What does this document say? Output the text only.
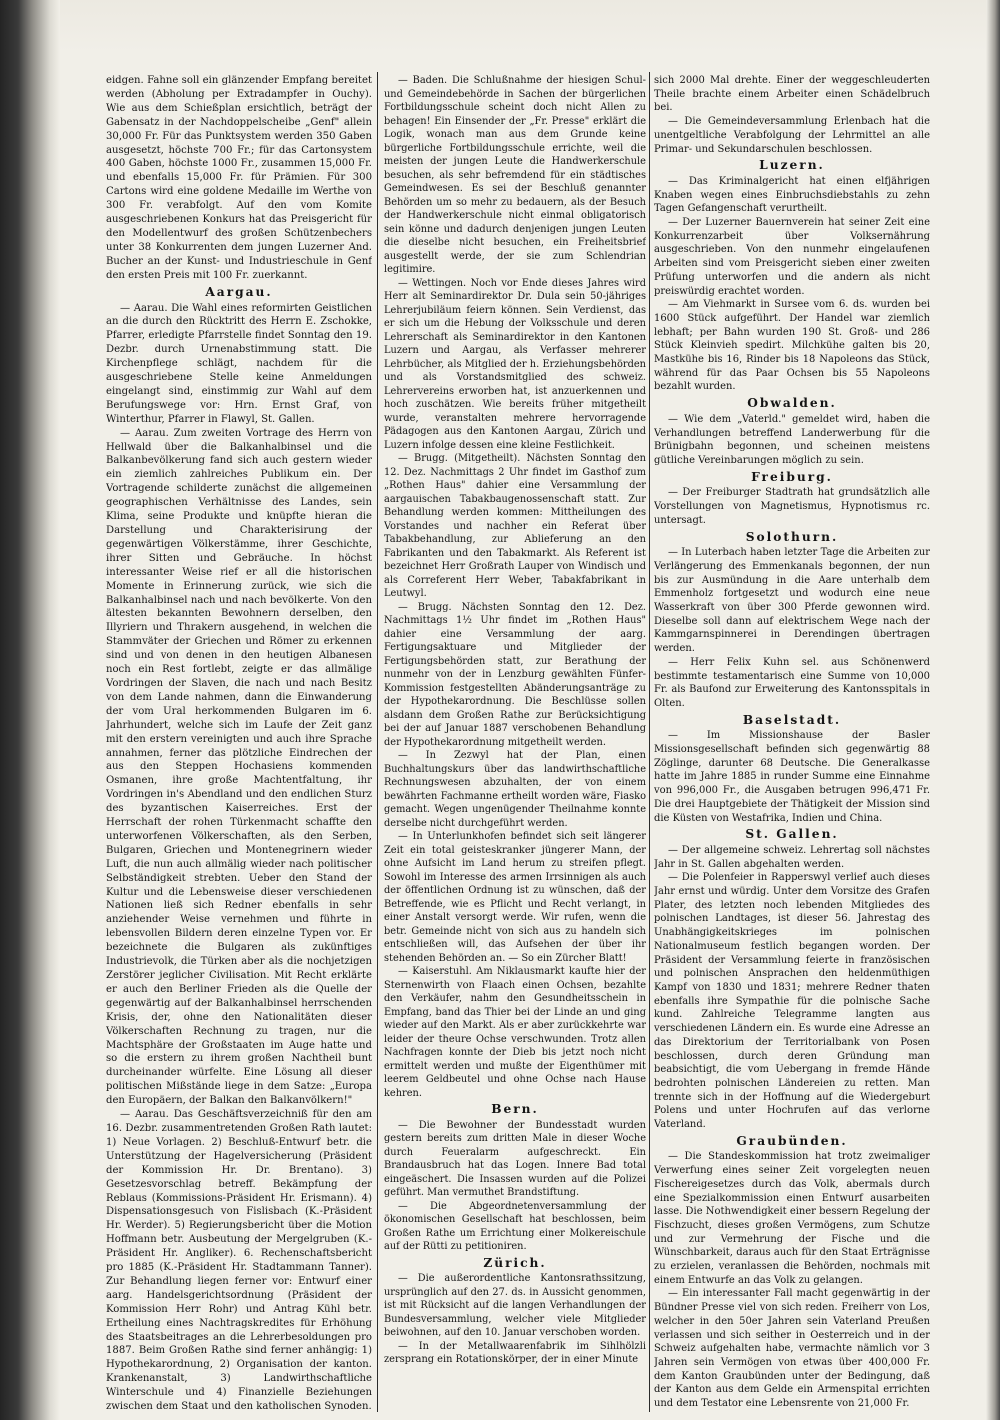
eidgen. Fahne soll ein glänzender Empfang bereitet werden (Abholung per Extradampfer in Ouchy). Wie aus dem Schießplan ersichtlich, beträgt der Gabensatz in der Nachdoppelscheibe „Genf" allein 30,000 Fr. Für das Punktsystem werden 350 Gaben ausgesetzt, höchste 700 Fr.; für das Cartonsystem 400 Gaben, höchste 1000 Fr., zusammen 15,000 Fr. und ebenfalls 15,000 Fr. für Prämien. Für 300 Cartons wird eine goldene Medaille im Werthe von 300 Fr. verabfolgt. Auf den vom Komite ausgeschriebenen Konkurs hat das Preisgericht für den Modellentwurf des großen Schützenbechers unter 38 Konkurrenten dem jungen Luzerner And. Bucher an der Kunst- und Industrieschule in Genf den ersten Preis mit 100 Fr. zuerkannt.

Aargau.

— Aarau. Die Wahl eines reformirten Geistlichen an die durch den Rücktritt des Herrn E. Zschokke, Pfarrer, erledigte Pfarrstelle findet Sonntag den 19. Dezbr. durch Urnenabstimmung statt. Die Kirchenpflege schlägt, nachdem für die ausgeschriebene Stelle keine Anmeldungen eingelangt sind, einstimmig zur Wahl auf dem Berufungswege vor: Hrn. Ernst Graf, von Winterthur, Pfarrer in Flawyl, St. Gallen.

— Aarau. Zum zweiten Vortrage des Herrn von Hellwald über die Balkanhalbinsel und die Balkanbevölkerung fand sich auch gestern wieder ein ziemlich zahlreiches Publikum ein. Der Vortragende schilderte zunächst die allgemeinen geographischen Verhältnisse des Landes, sein Klima, seine Produkte und knüpfte hieran die Darstellung und Charakterisirung der gegenwärtigen Völkerstämme, ihrer Geschichte, ihrer Sitten und Gebräuche. In höchst interessanter Weise rief er all die historischen Momente in Erinnerung zurück, wie sich die Balkanhalbinsel nach und nach bevölkerte. Von den ältesten bekannten Bewohnern derselben, den Illyriern und Thrakern ausgehend, in welchen die Stammväter der Griechen und Römer zu erkennen sind und von denen in den heutigen Albanesen noch ein Rest fortlebt, zeigte er das allmälige Vordringen der Slaven, die nach und nach Besitz von dem Lande nahmen, dann die Einwanderung der vom Ural herkommenden Bulgaren im 6. Jahrhundert, welche sich im Laufe der Zeit ganz mit den erstern vereinigten und auch ihre Sprache annahmen, ferner das plötzliche Eindrechen der aus den Steppen Hochasiens kommenden Osmanen, ihre große Machtentfaltung, ihr Vordringen in's Abendland und den endlichen Sturz des byzantischen Kaiserreiches. Erst der Herrschaft der rohen Türkenmacht schaffte den unterworfenen Völkerschaften, als den Serben, Bulgaren, Griechen und Montenegrinern wieder Luft, die nun auch allmälig wieder nach politischer Selbständigkeit strebten. Ueber den Stand der Kultur und die Lebensweise dieser verschiedenen Nationen ließ sich Redner ebenfalls in sehr anziehender Weise vernehmen und führte in lebensvollen Bildern deren einzelne Typen vor. Er bezeichnete die Bulgaren als zukünftiges Industrievolk, die Türken aber als die nochjetzigen Zerstörer jeglicher Civilisation. Mit Recht erklärte er auch den Berliner Frieden als die Quelle der gegenwärtig auf der Balkanhalbinsel herrschenden Krisis, der, ohne den Nationalitäten dieser Völkerschaften Rechnung zu tragen, nur die Machtsphäre der Großstaaten im Auge hatte und so die erstern zu ihrem großen Nachtheil bunt durcheinander würfelte. Eine Lösung all dieser politischen Mißstände liege in dem Satze: „Europa den Europäern, der Balkan den Balkanvölkern!"

— Aarau. Das Geschäftsverzeichniß für den am 16. Dezbr. zusammentretenden Großen Rath lautet: 1) Neue Vorlagen. 2) Beschluß-Entwurf betr. die Unterstützung der Hagelversicherung (Präsident der Kommission Hr. Dr. Brentano). 3) Gesetzesvorschlag betreff. Bekämpfung der Reblaus (Kommissions-Präsident Hr. Erismann). 4) Dispensationsgesuch von Fislisbach (K.-Präsident Hr. Werder). 5) Regierungsbericht über die Motion Hoffmann betr. Ausbeutung der Mergelgruben (K.-Präsident Hr. Angliker). 6. Rechenschaftsbericht pro 1885 (K.-Präsident Hr. Stadtammann Tanner). Zur Behandlung liegen ferner vor: Entwurf einer aarg. Handelsgerichtsordnung (Präsident der Kommission Herr Rohr) und Antrag Kühl betr. Ertheilung eines Nachtragskredites für Erhöhung des Staatsbeitrages an die Lehrerbesoldungen pro 1887. Beim Großen Rathe sind ferner anhängig: 1) Hypothekarordnung, 2) Organisation der kanton. Krankenanstalt, 3) Landwirthschaftliche Winterschule und 4) Finanzielle Beziehungen zwischen dem Staat und den katholischen Synoden.

— Baden. Die Schlußnahme der hiesigen Schul- und Gemeindebehörde in Sachen der bürgerlichen Fortbildungsschule scheint doch nicht Allen zu behagen! Ein Einsender der „Fr. Presse" erklärt die Logik, wonach man aus dem Grunde keine bürgerliche Fortbildungsschule errichte, weil die meisten der jungen Leute die Handwerkerschule besuchen, als sehr befremdend für ein städtisches Gemeindwesen. Es sei der Beschluß genannter Behörden um so mehr zu bedauern, als der Besuch der Handwerkerschule nicht einmal obligatorisch sein könne und dadurch denjenigen jungen Leuten die dieselbe nicht besuchen, ein Freiheitsbrief ausgestellt werde, der sie zum Schlendrian legitimire.

— Wettingen. Noch vor Ende dieses Jahres wird Herr alt Seminardirektor Dr. Dula sein 50-jähriges Lehrerjubiläum feiern können. Sein Verdienst, das er sich um die Hebung der Volksschule und deren Lehrerschaft als Seminardirektor in den Kantonen Luzern und Aargau, als Verfasser mehrerer Lehrbücher, als Mitglied der h. Erziehungsbehörden und als Vorstandsmitglied des schweiz. Lehrervereins erworben hat, ist anzuerkennen und hoch zuschätzen. Wie bereits früher mitgetheilt wurde, veranstalten mehrere hervorragende Pädagogen aus den Kantonen Aargau, Zürich und Luzern infolge dessen eine kleine Festlichkeit.

— Brugg. (Mitgetheilt). Nächsten Sonntag den 12. Dez. Nachmittags 2 Uhr findet im Gasthof zum „Rothen Haus" dahier eine Versammlung der aargauischen Tabakbaugenossenschaft statt. Zur Behandlung werden kommen: Mittheilungen des Vorstandes und nachher ein Referat über Tabakbehandlung, zur Ablieferung an den Fabrikanten und den Tabakmarkt. Als Referent ist bezeichnet Herr Großrath Lauper von Windisch und als Correferent Herr Weber, Tabakfabrikant in Leutwyl.

— Brugg. Nächsten Sonntag den 12. Dez. Nachmittags 1½ Uhr findet im „Rothen Haus" dahier eine Versammlung der aarg. Fertigungsaktuare und Mitglieder der Fertigungsbehörden statt, zur Berathung der nunmehr von der in Lenzburg gewählten Fünfer-Kommission festgestellten Abänderungsanträge zu der Hypothekarordnung. Die Beschlüsse sollen alsdann dem Großen Rathe zur Berücksichtigung bei der auf Januar 1887 verschobenen Behandlung der Hypothekarordnung mitgetheilt werden.

— In Zezwyl hat der Plan, einen Buchhaltungskurs über das landwirthschaftliche Rechnungswesen abzuhalten, der von einem bewährten Fachmanne ertheilt worden wäre, Fiasko gemacht. Wegen ungenügender Theilnahme konnte derselbe nicht durchgeführt werden.

— In Unterlunkhofen befindet sich seit längerer Zeit ein total geisteskranker jüngerer Mann, der ohne Aufsicht im Land herum zu streifen pflegt. Sowohl im Interesse des armen Irrsinnigen als auch der öffentlichen Ordnung ist zu wünschen, daß der Betreffende, wie es Pflicht und Recht verlangt, in einer Anstalt versorgt werde. Wir rufen, wenn die betr. Gemeinde nicht von sich aus zu handeln sich entschließen will, das Aufsehen der über ihr stehenden Behörden an. — So ein Zürcher Blatt!

— Kaiserstuhl. Am Niklausmarkt kaufte hier der Sternenwirth von Flaach einen Ochsen, bezahlte den Verkäufer, nahm den Gesundheitsschein in Empfang, band das Thier bei der Linde an und ging wieder auf den Markt. Als er aber zurückkehrte war leider der theure Ochse verschwunden. Trotz allen Nachfragen konnte der Dieb bis jetzt noch nicht ermittelt werden und mußte der Eigenthümer mit leerem Geldbeutel und ohne Ochse nach Hause kehren.

Bern.

— Die Bewohner der Bundesstadt wurden gestern bereits zum dritten Male in dieser Woche durch Feueralarm aufgeschreckt. Ein Brandausbruch hat das Logen. Innere Bad total eingeäschert. Die Insassen wurden auf die Polizei geführt. Man vermuthet Brandstiftung.

— Die Abgeordnetenversammlung der ökonomischen Gesellschaft hat beschlossen, beim Großen Rathe um Errichtung einer Molkereischule auf der Rütti zu petitioniren.

Zürich.

— Die außerordentliche Kantonsrathssitzung, ursprünglich auf den 27. ds. in Aussicht genommen, ist mit Rücksicht auf die langen Verhandlungen der Bundesversammlung, welcher viele Mitglieder beiwohnen, auf den 10. Januar verschoben worden.

— In der Metallwaarenfabrik im Sihlhölzli zersprang ein Rotationskörper, der in einer Minute

sich 2000 Mal drehte. Einer der weggeschleuderten Theile brachte einem Arbeiter einen Schädelbruch bei.

— Die Gemeindeversammlung Erlenbach hat die unentgeltliche Verabfolgung der Lehrmittel an alle Primar- und Sekundarschulen beschlossen.

Luzern.

— Das Kriminalgericht hat einen elfjährigen Knaben wegen eines Einbruchsdiebstahls zu zehn Tagen Gefangenschaft verurtheilt.

— Der Luzerner Bauernverein hat seiner Zeit eine Konkurrenzarbeit über Volksernährung ausgeschrieben. Von den nunmehr eingelaufenen Arbeiten sind vom Preisgericht sieben einer zweiten Prüfung unterworfen und die andern als nicht preiswürdig erachtet worden.

— Am Viehmarkt in Sursee vom 6. ds. wurden bei 1600 Stück aufgeführt. Der Handel war ziemlich lebhaft; per Bahn wurden 190 St. Groß- und 286 Stück Kleinvieh spedirt. Milchkühe galten bis 20, Mastkühe bis 16, Rinder bis 18 Napoleons das Stück, während für das Paar Ochsen bis 55 Napoleons bezahlt wurden.

Obwalden.

— Wie dem „Vaterld." gemeldet wird, haben die Verhandlungen betreffend Landerwerbung für die Brünigbahn begonnen, und scheinen meistens gütliche Vereinbarungen möglich zu sein.

Freiburg.

— Der Freiburger Stadtrath hat grundsätzlich alle Vorstellungen von Magnetismus, Hypnotismus rc. untersagt.

Solothurn.

— In Luterbach haben letzter Tage die Arbeiten zur Verlängerung des Emmenkanals begonnen, der nun bis zur Ausmündung in die Aare unterhalb dem Emmenholz fortgesetzt und wodurch eine neue Wasserkraft von über 300 Pferde gewonnen wird. Dieselbe soll dann auf elektrischem Wege nach der Kammgarnspinnerei in Derendingen übertragen werden.

— Herr Felix Kuhn sel. aus Schönenwerd bestimmte testamentarisch eine Summe von 10,000 Fr. als Baufond zur Erweiterung des Kantonsspitals in Olten.

Baselstadt.

— Im Missionshause der Basler Missionsgesellschaft befinden sich gegenwärtig 88 Zöglinge, darunter 68 Deutsche. Die Generalkasse hatte im Jahre 1885 in runder Summe eine Einnahme von 996,000 Fr., die Ausgaben betrugen 996,471 Fr. Die drei Hauptgebiete der Thätigkeit der Mission sind die Küsten von Westafrika, Indien und China.

St. Gallen.

— Der allgemeine schweiz. Lehrertag soll nächstes Jahr in St. Gallen abgehalten werden.

— Die Polenfeier in Rapperswyl verlief auch dieses Jahr ernst und würdig. Unter dem Vorsitze des Grafen Plater, des letzten noch lebenden Mitgliedes des polnischen Landtages, ist dieser 56. Jahrestag des Unabhängigkeitskrieges im polnischen Nationalmuseum festlich begangen worden. Der Präsident der Versammlung feierte in französischen und polnischen Ansprachen den heldenmüthigen Kampf von 1830 und 1831; mehrere Redner thaten ebenfalls ihre Sympathie für die polnische Sache kund. Zahlreiche Telegramme langten aus verschiedenen Ländern ein. Es wurde eine Adresse an das Direktorium der Territorialbank von Posen beschlossen, durch deren Gründung man beabsichtigt, die vom Uebergang in fremde Hände bedrohten polnischen Ländereien zu retten. Man trennte sich in der Hoffnung auf die Wiedergeburt Polens und unter Hochrufen auf das verlorne Vaterland.

Graubünden.

— Die Standeskommission hat trotz zweimaliger Verwerfung eines seiner Zeit vorgelegten neuen Fischereigesetzes durch das Volk, abermals durch eine Spezialkommission einen Entwurf ausarbeiten lasse. Die Nothwendigkeit einer bessern Regelung der Fischzucht, dieses großen Vermögens, zum Schutze und zur Vermehrung der Fische und die Wünschbarkeit, daraus auch für den Staat Erträgnisse zu erzielen, veranlassen die Behörden, nochmals mit einem Entwurfe an das Volk zu gelangen.

— Ein interessanter Fall macht gegenwärtig in der Bündner Presse viel von sich reden. Freiherr von Los, welcher in den 50er Jahren sein Vaterland Preußen verlassen und sich seither in Oesterreich und in der Schweiz aufgehalten habe, vermachte nämlich vor 3 Jahren sein Vermögen von etwas über 400,000 Fr. dem Kanton Graubünden unter der Bedingung, daß der Kanton aus dem Gelde ein Armenspital errichten und dem Testator eine Lebensrente von 21,000 Fr.
